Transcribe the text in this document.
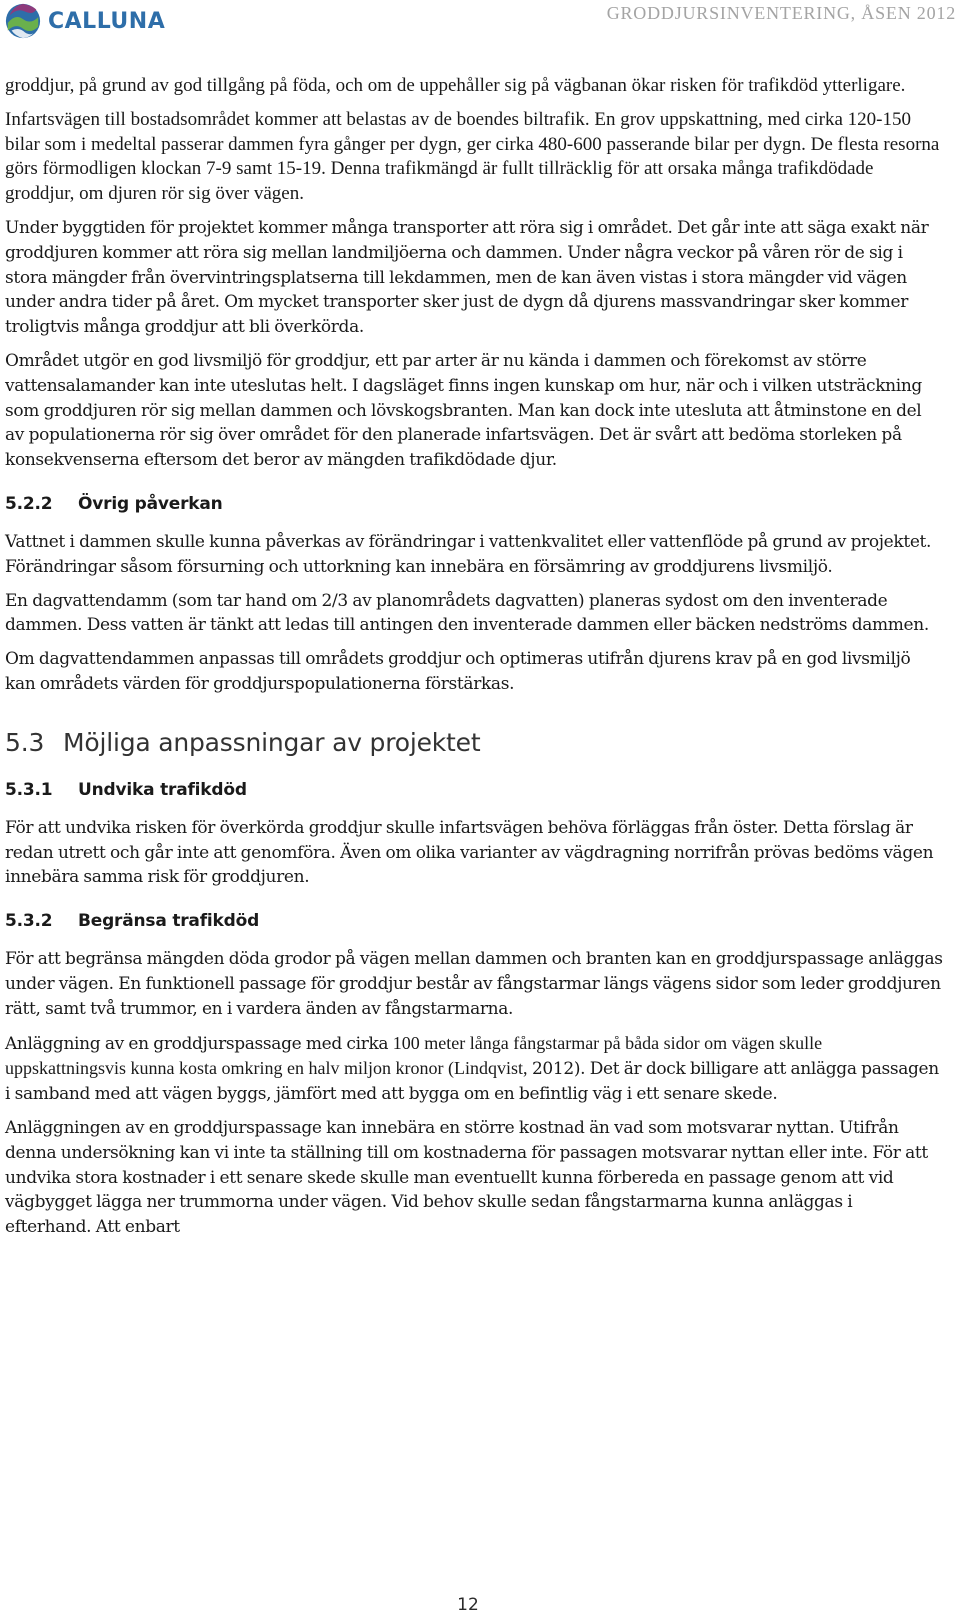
CALLUNA	GRODDJURSINVENTERING, ÅSEN 2012

groddjur, på grund av god tillgång på föda, och om de uppehåller sig på vägbanan ökar risken för trafikdöd ytterligare.

Infartsvägen till bostadsområdet kommer att belastas av de boendes biltrafik. En grov uppskattning, med cirka 120-150 bilar som i medeltal passerar dammen fyra gånger per dygn, ger cirka 480-600 passerande bilar per dygn. De flesta resorna görs förmodligen klockan 7-9 samt 15-19. Denna trafikmängd är fullt tillräcklig för att orsaka många trafikdödade groddjur, om djuren rör sig över vägen.

Under byggtiden för projektet kommer många transporter att röra sig i området. Det går inte att säga exakt när groddjuren kommer att röra sig mellan landmiljöerna och dammen. Under några veckor på våren rör de sig i stora mängder från övervintringsplatserna till lekdammen, men de kan även vistas i stora mängder vid vägen under andra tider på året. Om mycket transporter sker just de dygn då djurens massvandringar sker kommer troligtvis många groddjur att bli överkörda.

Området utgör en god livsmiljö för groddjur, ett par arter är nu kända i dammen och förekomst av större vattensalamander kan inte uteslutas helt. I dagsläget finns ingen kunskap om hur, när och i vilken utsträckning som groddjuren rör sig mellan dammen och lövskogsbranten. Man kan dock inte utesluta att åtminstone en del av populationerna rör sig över området för den planerade infartsvägen. Det är svårt att bedöma storleken på konsekvenserna eftersom det beror av mängden trafikdödade djur.

5.2.2 Övrig påverkan

Vattnet i dammen skulle kunna påverkas av förändringar i vattenkvalitet eller vattenflöde på grund av projektet. Förändringar såsom försurning och uttorkning kan innebära en försämring av groddjurens livsmiljö.

En dagvattendamm (som tar hand om 2/3 av planområdets dagvatten) planeras sydost om den inventerade dammen. Dess vatten är tänkt att ledas till antingen den inventerade dammen eller bäcken nedströms dammen.

Om dagvattendammen anpassas till områdets groddjur och optimeras utifrån djurens krav på en god livsmiljö kan områdets värden för groddjurspopulationerna förstärkas.

5.3 Möjliga anpassningar av projektet
5.3.1 Undvika trafikdöd

För att undvika risken för överkörda groddjur skulle infartsvägen behöva förläggas från öster. Detta förslag är redan utrett och går inte att genomföra. Även om olika varianter av vägdragning norrifrån prövas bedöms vägen innebära samma risk för groddjuren.

5.3.2 Begränsa trafikdöd

För att begränsa mängden döda grodor på vägen mellan dammen och branten kan en groddjurspassage anläggas under vägen. En funktionell passage för groddjur består av fångstarmar längs vägens sidor som leder groddjuren rätt, samt två trummor, en i vardera änden av fångstarmarna.

Anläggning av en groddjurspassage med cirka 100 meter långa fångstarmar på båda sidor om vägen skulle uppskattningsvis kunna kosta omkring en halv miljon kronor (Lindqvist, 2012). Det är dock billigare att anlägga passagen i samband med att vägen byggs, jämfört med att bygga om en befintlig väg i ett senare skede.

Anläggningen av en groddjurspassage kan innebära en större kostnad än vad som motsvarar nyttan. Utifrån denna undersökning kan vi inte ta ställning till om kostnaderna för passagen motsvarar nyttan eller inte. För att undvika stora kostnader i ett senare skede skulle man eventuellt kunna förbereda en passage genom att vid vägbygget lägga ner trummorna under vägen. Vid behov skulle sedan fångstarmarna kunna anläggas i efterhand. Att enbart

12
